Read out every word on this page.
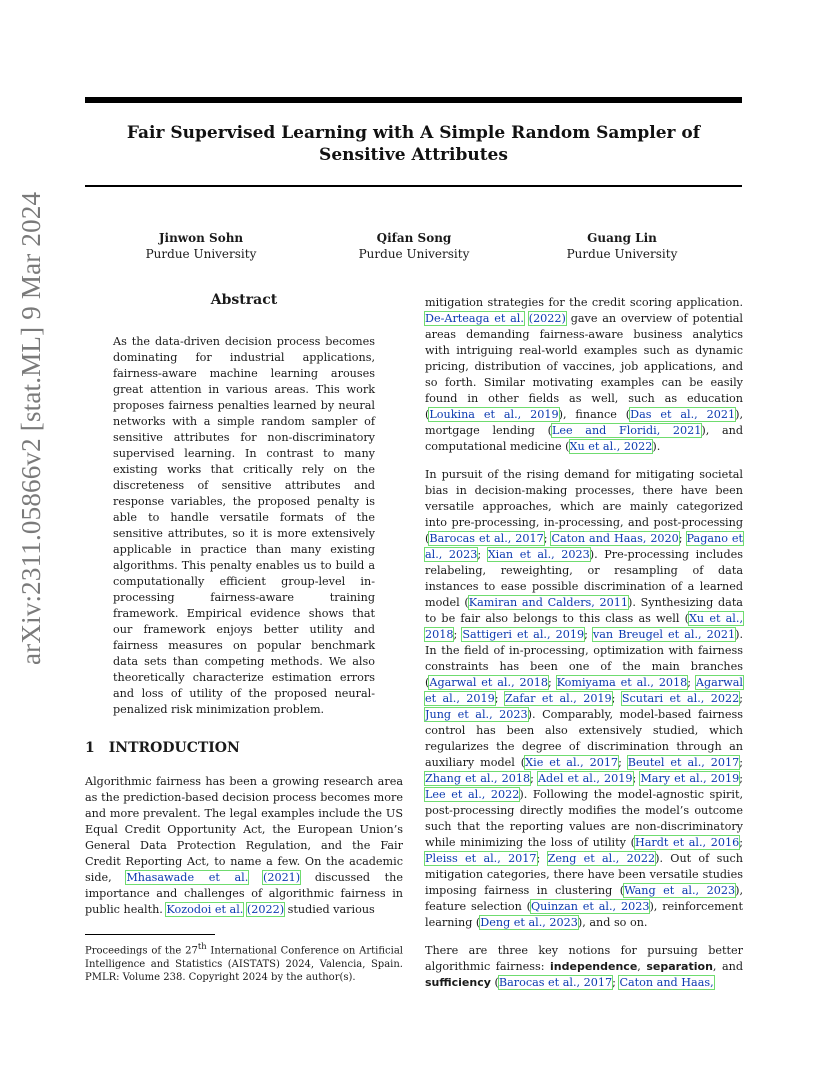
Fair Supervised Learning with A Simple Random Sampler of
Sensitive Attributes
Jinwon Sohn
Purdue University
Qifan Song
Purdue University
Guang Lin
Purdue University
arXiv:2311.05866v2 [stat.ML] 9 Mar 2024	Abstract
As the data-driven decision process becomes dominating for industrial applications, fairness-aware machine learning arouses great attention in various areas. This work proposes fairness penalties learned by neural networks with a simple random sampler of sensitive attributes for non-discriminatory supervised learning. In contrast to many existing works that critically rely on the discreteness of sensitive attributes and response variables, the proposed penalty is able to handle versatile formats of the sensitive attributes, so it is more extensively applicable in practice than many existing algorithms. This penalty enables us to build a computationally efficient group-level in-processing fairness-aware training framework. Empirical evidence shows that our framework enjoys better utility and fairness measures on popular benchmark data sets than competing methods. We also theoretically characterize estimation errors and loss of utility of the proposed neural-penalized risk minimization problem.
1 INTRODUCTION
Algorithmic fairness has been a growing research area as the prediction-based decision process becomes more and more prevalent. The legal examples include the US Equal Credit Opportunity Act, the European Union’s General Data Protection Regulation, and the Fair Credit Reporting Act, to name a few. On the academic side, Mhasawade et al. (2021) discussed the importance and challenges of algorithmic fairness in public health. Kozodoi et al. (2022) studied various
Proceedings of the 27th International Conference on Artificial Intelligence and Statistics (AISTATS) 2024, Valencia, Spain. PMLR: Volume 238. Copyright 2024 by the author(s).

mitigation strategies for the credit scoring application. De-Arteaga et al. (2022) gave an overview of potential areas demanding fairness-aware business analytics with intriguing real-world examples such as dynamic pricing, distribution of vaccines, job applications, and so forth. Similar motivating examples can be easily found in other fields as well, such as education (Loukina et al., 2019), finance (Das et al., 2021), mortgage lending (Lee and Floridi, 2021), and computational medicine (Xu et al., 2022).

In pursuit of the rising demand for mitigating societal bias in decision-making processes, there have been versatile approaches, which are mainly categorized into pre-processing, in-processing, and post-processing (Barocas et al., 2017; Caton and Haas, 2020; Pagano et al., 2023; Xian et al., 2023). Pre-processing includes relabeling, reweighting, or resampling of data instances to ease possible discrimination of a learned model (Kamiran and Calders, 2011). Synthesizing data to be fair also belongs to this class as well (Xu et al., 2018; Sattigeri et al., 2019; van Breugel et al., 2021). In the field of in-processing, optimization with fairness constraints has been one of the main branches (Agarwal et al., 2018; Komiyama et al., 2018; Agarwal et al., 2019; Zafar et al., 2019; Scutari et al., 2022; Jung et al., 2023). Comparably, model-based fairness control has been also extensively studied, which regularizes the degree of discrimination through an auxiliary model (Xie et al., 2017; Beutel et al., 2017; Zhang et al., 2018; Adel et al., 2019; Mary et al., 2019; Lee et al., 2022). Following the model-agnostic spirit, post-processing directly modifies the model’s outcome such that the reporting values are non-discriminatory while minimizing the loss of utility (Hardt et al., 2016; Pleiss et al., 2017; Zeng et al., 2022). Out of such mitigation categories, there have been versatile studies imposing fairness in clustering (Wang et al., 2023), feature selection (Quinzan et al., 2023), reinforcement learning (Deng et al., 2023), and so on.

There are three key notions for pursuing better algorithmic fairness: independence, separation, and sufficiency (Barocas et al., 2017; Caton and Haas,
